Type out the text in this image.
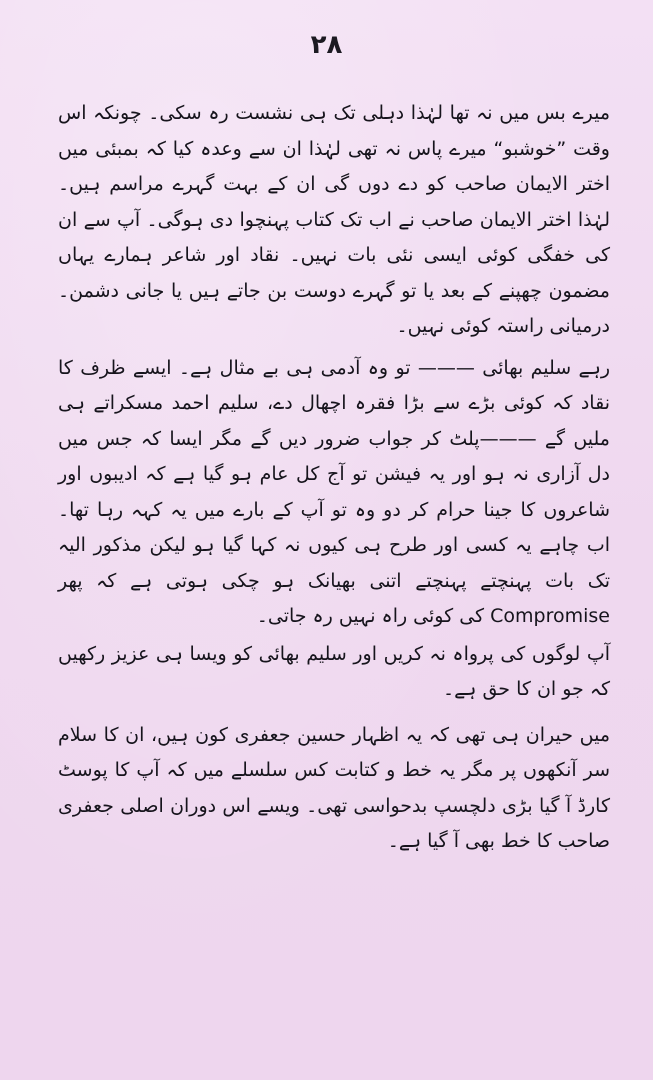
۲۸

میرے بس میں نہ تھا لہٰذا دہلی تک ہی نشست رہ سکی۔ چونکہ اس وقت ”خوشبو“ میرے پاس نہ تھی لہٰذا ان سے وعدہ کیا کہ بمبئی میں اختر الایمان صاحب کو دے دوں گی ان کے بہت گہرے مراسم ہیں۔ لہٰذا اختر الایمان صاحب نے اب تک کتاب پہنچوا دی ہوگی۔ آپ سے ان کی خفگی کوئی ایسی نئی بات نہیں۔ نقاد اور شاعر ہمارے یہاں مضمون چھپنے کے بعد یا تو گہرے دوست بن جاتے ہیں یا جانی دشمن۔ درمیانی راستہ کوئی نہیں۔

رہے سلیم بھائی ——— تو وہ آدمی ہی بے مثال ہے۔ ایسے ظرف کا نقاد کہ کوئی بڑے سے بڑا فقرہ اچھال دے، سلیم احمد مسکراتے ہی ملیں گے ———پلٹ کر جواب ضرور دیں گے مگر ایسا کہ جس میں دل آزاری نہ ہو اور یہ فیشن تو آج کل عام ہو گیا ہے کہ ادیبوں اور شاعروں کا جینا حرام کر دو وہ تو آپ کے بارے میں یہ کہہ رہا تھا۔ اب چاہے یہ کسی اور طرح ہی کیوں نہ کہا گیا ہو لیکن مذکور الیہ تک بات پہنچتے پہنچتے اتنی بھیانک ہو چکی ہوتی ہے کہ پھر Compromise کی کوئی راہ نہیں رہ جاتی۔

آپ لوگوں کی پرواہ نہ کریں اور سلیم بھائی کو ویسا ہی عزیز رکھیں کہ جو ان کا حق ہے۔

میں حیران ہی تھی کہ یہ اظہار حسین جعفری کون ہیں، ان کا سلام سر آنکھوں پر مگر یہ خط و کتابت کس سلسلے میں کہ آپ کا پوسٹ کارڈ آ گیا بڑی دلچسپ بدحواسی تھی۔ ویسے اس دوران اصلی جعفری صاحب کا خط بھی آ گیا ہے۔
